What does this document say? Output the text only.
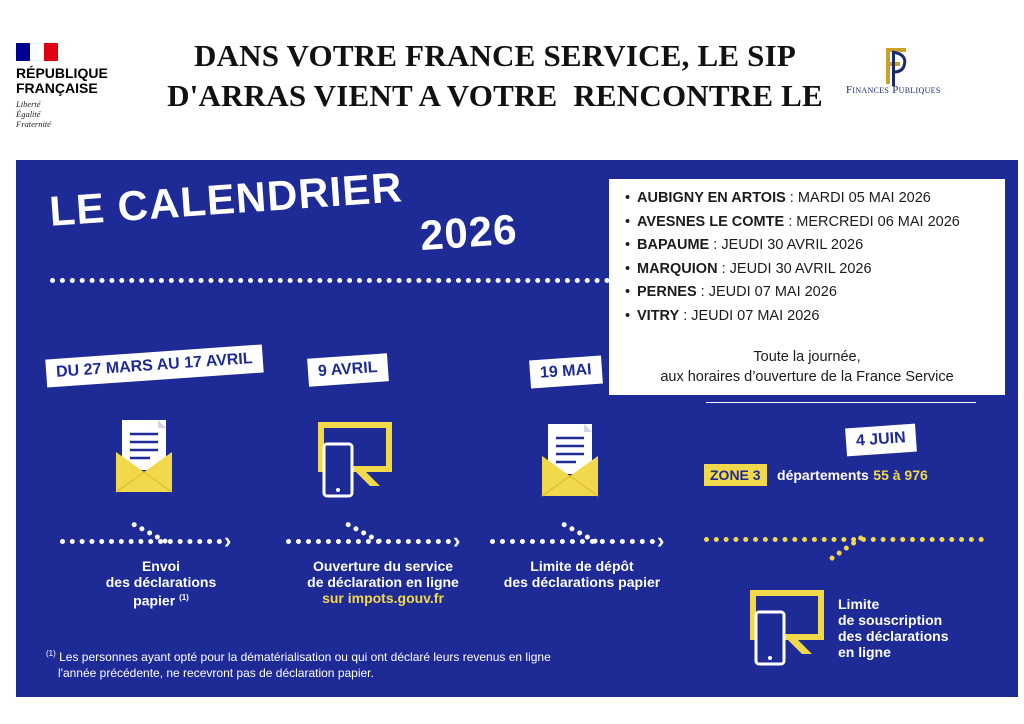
RÉPUBLIQUE
FRANÇAISE
Liberté
Égalité
Fraternité
DANS VOTRE FRANCE SERVICE, LE SIP
D'ARRAS VIENT A VOTRE  RENCONTRE LE	Finances Publiques
LE CALENDRIER 2026
DU 27 MARS AU 17 AVRIL
›
Envoi
des déclarations
papier $^{(1)}$
9 AVRIL
›
Ouverture du service
de déclaration en ligne
sur impots.gouv.fr
19 MAI
›
Limite de dépôt
des déclarations papier
4 JUIN
ZONE 3 départements 55 à 976
Limite
de souscription
des déclarations
en ligne
$^{(1)}$ Les personnes ayant opté pour la dématérialisation ou qui ont déclaré leurs revenus en ligne
l'année précédente, ne recevront pas de déclaration papier.
• AUBIGNY EN ARTOIS : MARDI 05 MAI 2026
• AVESNES LE COMTE : MERCREDI 06 MAI 2026
• BAPAUME : JEUDI 30 AVRIL 2026
• MARQUION : JEUDI 30 AVRIL 2026
• PERNES : JEUDI 07 MAI 2026
• VITRY : JEUDI 07 MAI 2026
Toute la journée,
aux horaires d’ouverture de la France Service
